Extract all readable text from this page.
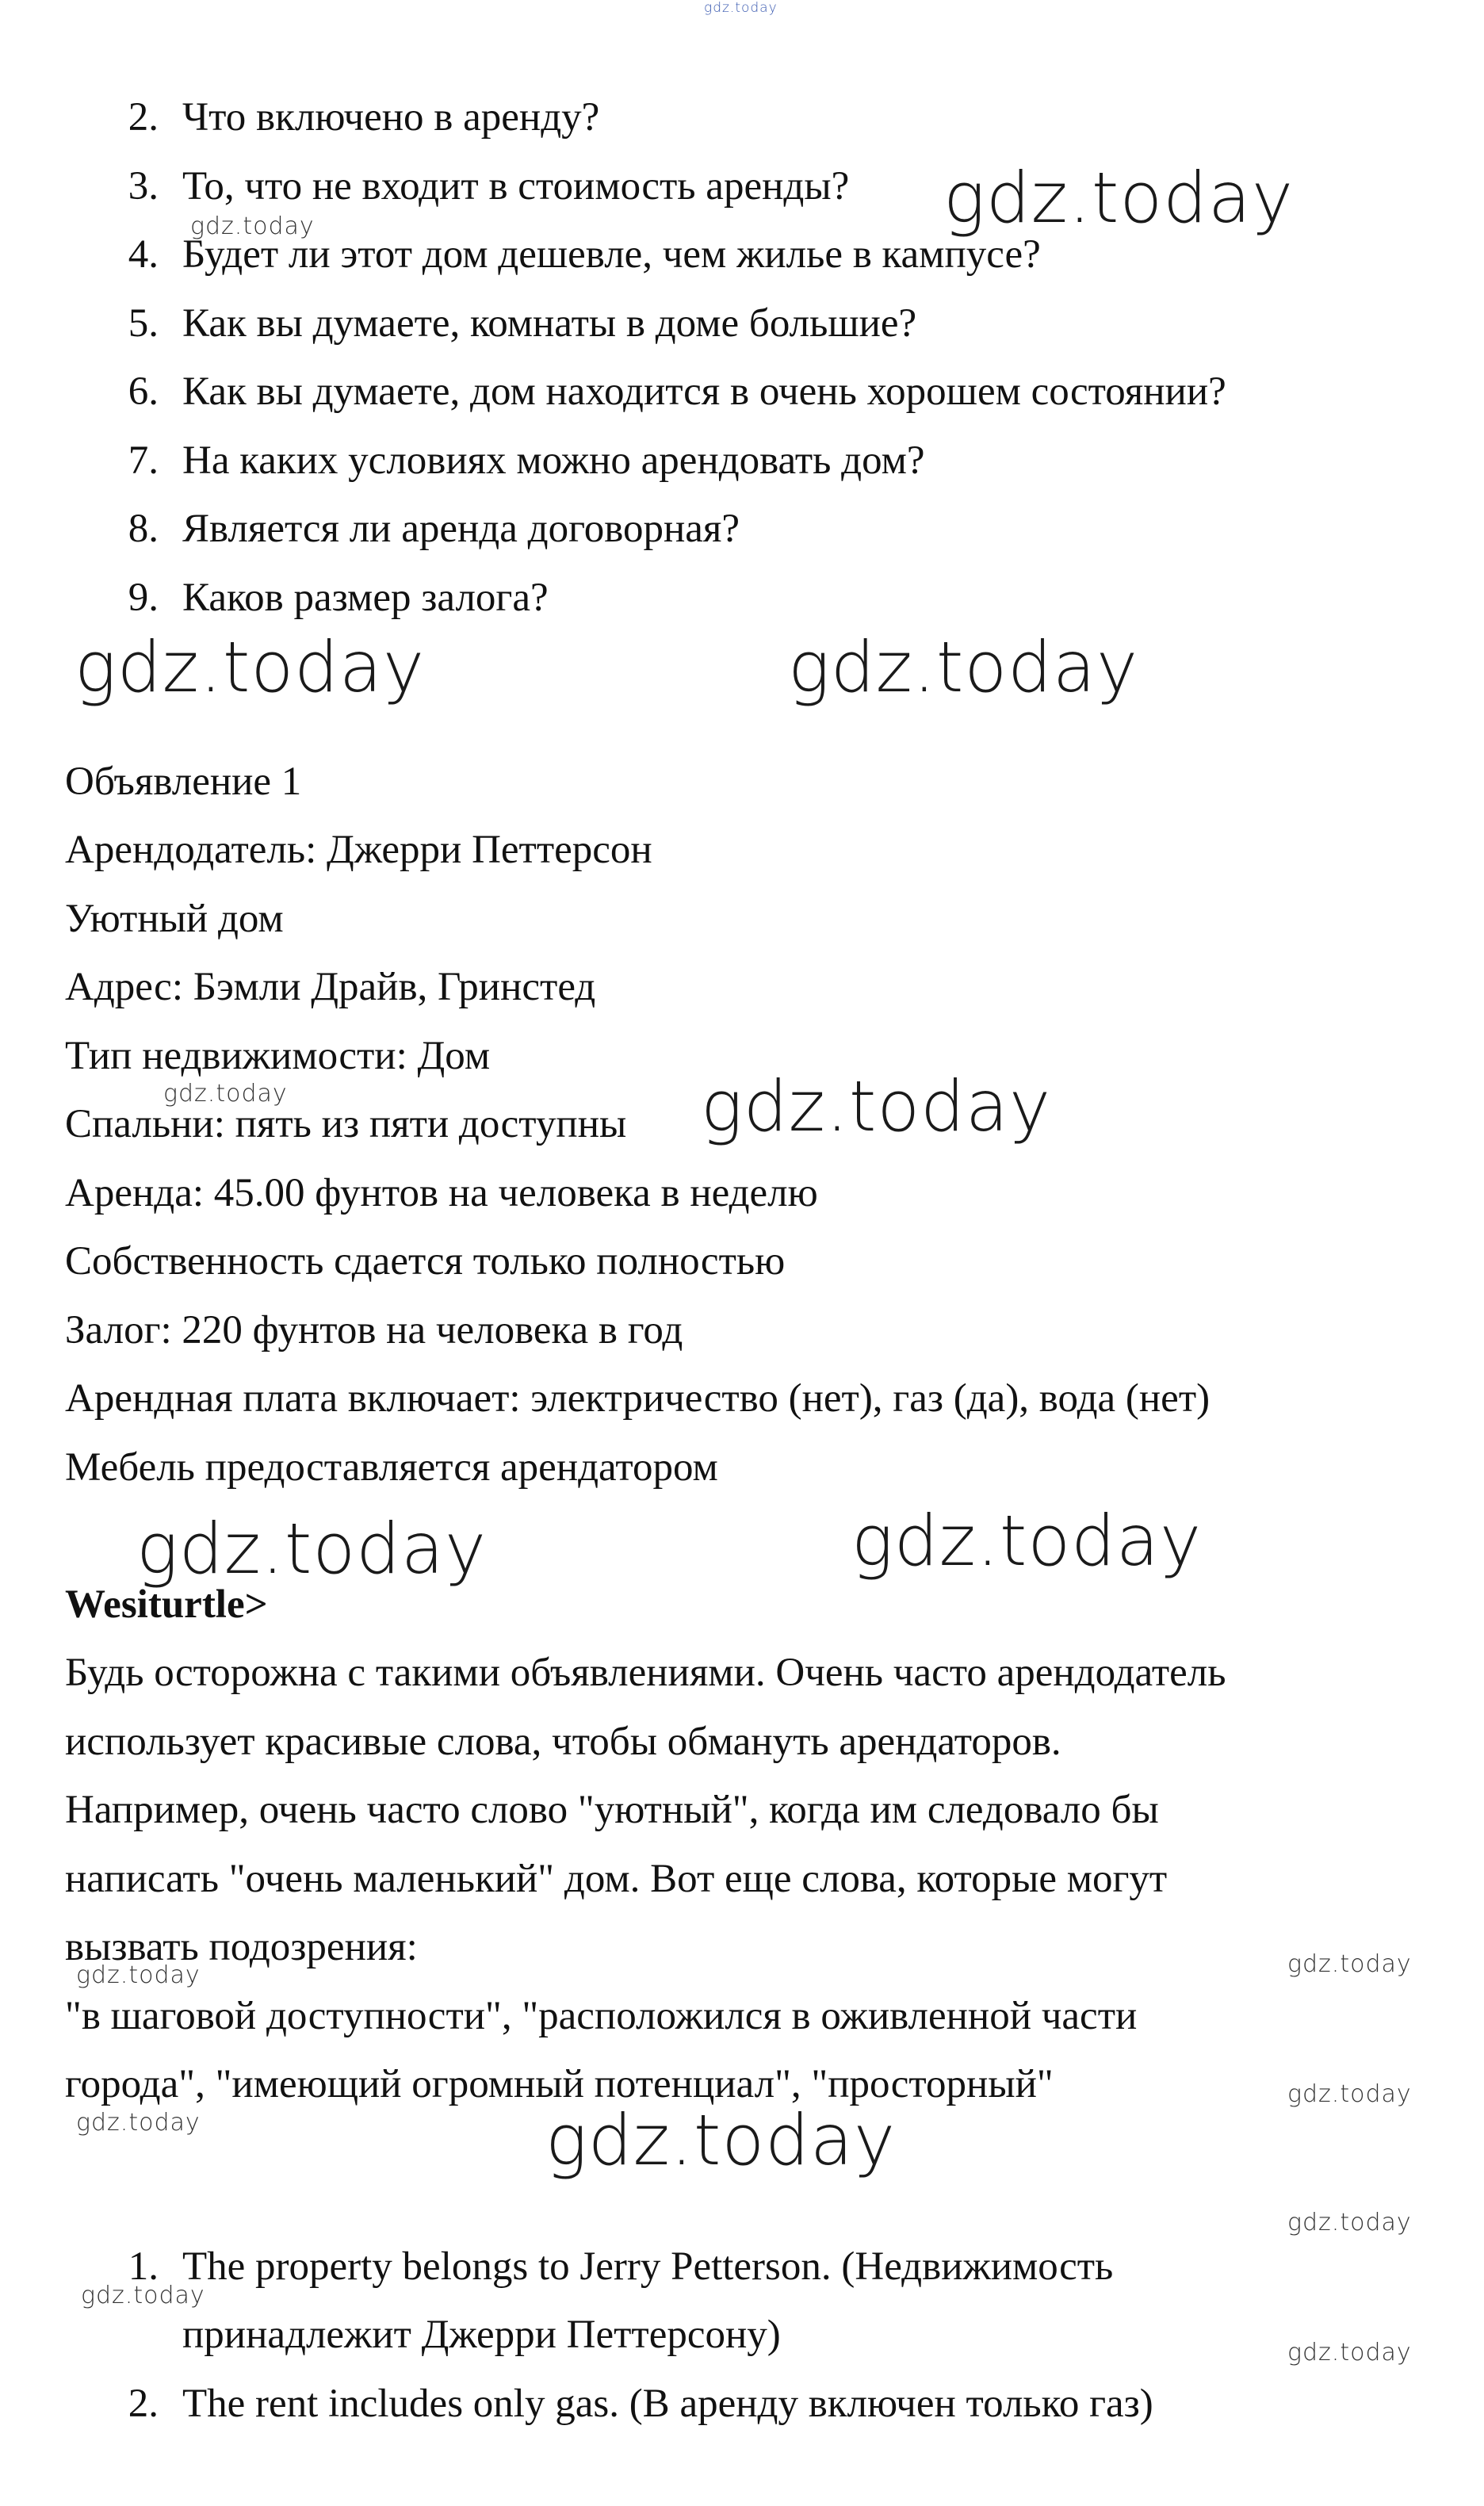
gdz.today
2. Что включено в аренду?
3. То, что не входит в стоимость аренды?
4. Будет ли этот дом дешевле, чем жилье в кампусе?
5. Как вы думаете, комнаты в доме большие?
6. Как вы думаете, дом находится в очень хорошем состоянии?
7. На каких условиях можно арендовать дом?
8. Является ли аренда договорная?
9. Каков размер залога?
Объявление 1
Арендодатель: Джерри Петтерсон
Уютный дом
Адрес: Бэмли Драйв, Гринстед
Тип недвижимости: Дом
Спальни: пять из пяти доступны
Аренда: 45.00 фунтов на человека в неделю
Собственность сдается только полностью
Залог: 220 фунтов на человека в год
Арендная плата включает: электричество (нет), газ (да), вода (нет)
Мебель предоставляется арендатором
Wesiturtle>
Будь осторожна с такими объявлениями. Очень часто арендодатель
использует красивые слова, чтобы обмануть арендаторов.
Например, очень часто слово "уютный", когда им следовало бы
написать "очень маленький" дом. Вот еще слова, которые могут
вызвать подозрения:
"в шаговой доступности", "расположился в оживленной части
города", "имеющий огромный потенциал", "просторный"
1. The property belongs to Jerry Petterson. (Недвижимость
принадлежит Джерри Петтерсону)
2. The rent includes only gas. (В аренду включен только газ)
gdz.today
gdz.today	gdz.today
gdz.today
gdz.today	gdz.today
gdz.today
gdz.today
gdz.today
gdz.today	gdz.today
gdz.today
gdz.today
gdz.today
gdz.today
gdz.today
